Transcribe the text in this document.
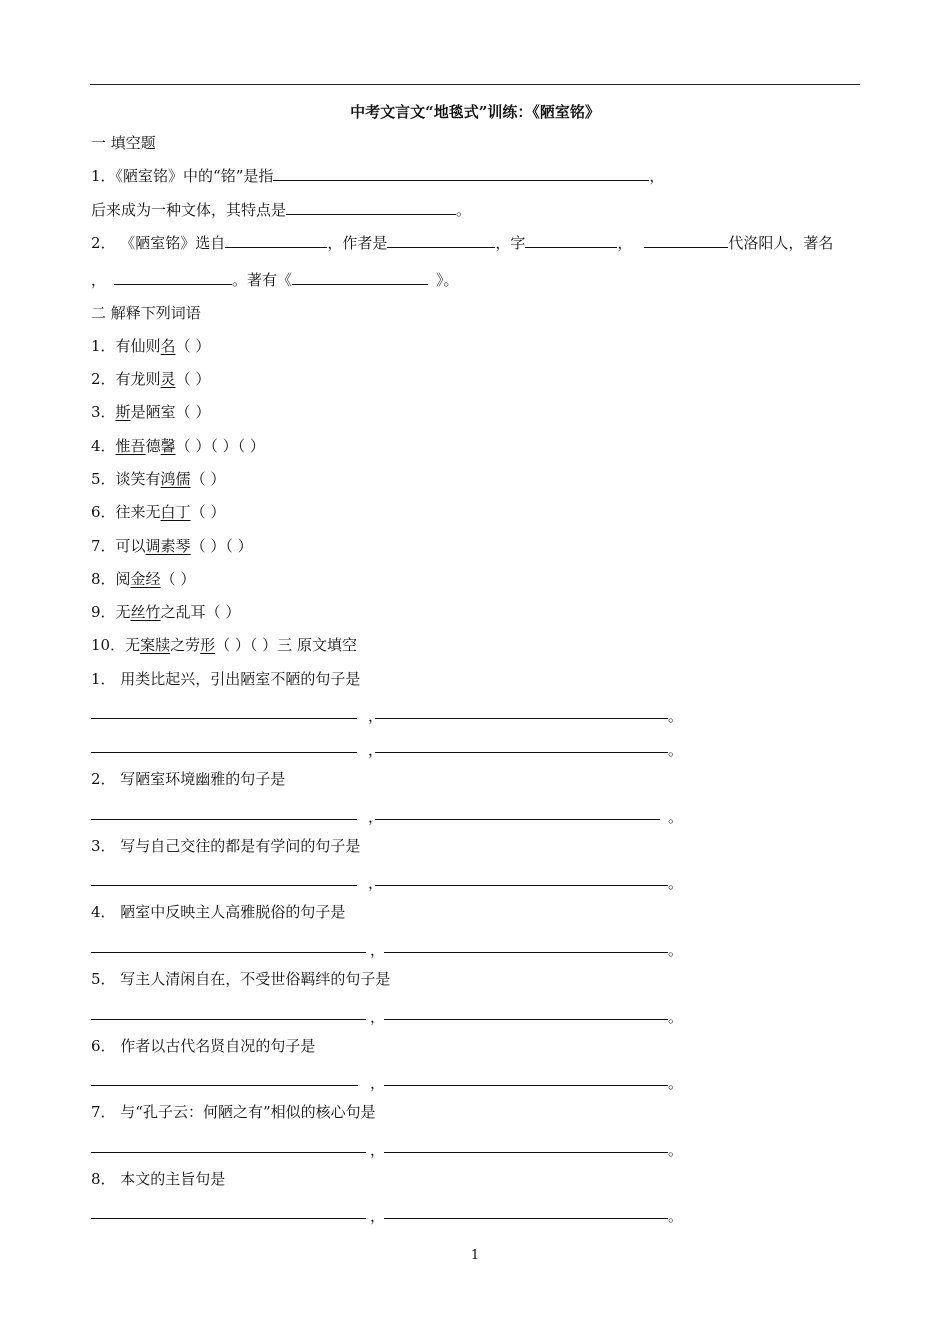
中考文言文“地毯式”训练：《陋室铭》
一 填空题
1．《陋室铭》中的“铭”是指	，
后来成为一种文体，其特点是	。
2． 《陋室铭》选自	，作者是	，字	，	代洛阳人，著名
，	。著有《	》。
二 解释下列词语
1．有仙则名（ ）
2．有龙则灵（ ）
3．斯是陋室（ ）
4．惟吾德馨（ ）（ ）（ ）
5．谈笑有鸿儒（ ）
6．往来无白丁（ ）
7．可以调素琴（ ）（ ）
8．阅金经（ ）
9．无丝竹之乱耳（ ）
10．无案牍之劳形（ ）（ ）三 原文填空
1． 用类比起兴，引出陋室不陋的句子是
，	。
，	。
2． 写陋室环境幽雅的句子是
，	。
3． 写与自己交往的都是有学问的句子是
，	。
4． 陋室中反映主人高雅脱俗的句子是
，	。
5． 写主人清闲自在，不受世俗羁绊的句子是
，	。
6． 作者以古代名贤自况的句子是
，	。
7． 与“孔子云：何陋之有”相似的核心句是
，	。
8． 本文的主旨句是
，	。
1
